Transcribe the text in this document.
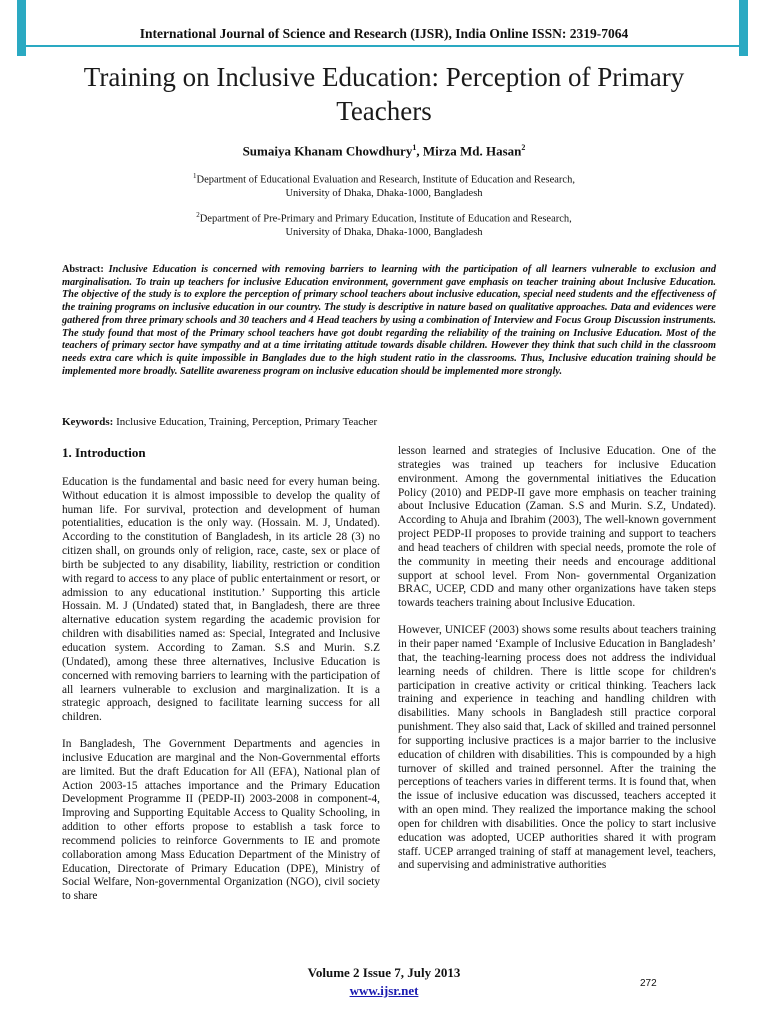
International Journal of Science and Research (IJSR), India Online ISSN: 2319-7064
Training on Inclusive Education: Perception of Primary Teachers
Sumaiya Khanam Chowdhury$^1$, Mirza Md. Hasan$^2$
$^1$Department of Educational Evaluation and Research, Institute of Education and Research,
University of Dhaka, Dhaka-1000, Bangladesh
$^2$Department of Pre-Primary and Primary Education, Institute of Education and Research,
University of Dhaka, Dhaka-1000, Bangladesh
Abstract: Inclusive Education is concerned with removing barriers to learning with the participation of all learners vulnerable to exclusion and marginalisation. To train up teachers for inclusive Education environment, government gave emphasis on teacher training about Inclusive Education. The objective of the study is to explore the perception of primary school teachers about inclusive education, special need students and the effectiveness of the training programs on inclusive education in our country. The study is descriptive in nature based on qualitative approaches. Data and evidences were gathered from three primary schools and 30 teachers and 4 Head teachers by using a combination of Interview and Focus Group Discussion instruments. The study found that most of the Primary school teachers have got doubt regarding the reliability of the training on Inclusive Education. Most of the teachers of primary sector have sympathy and at a time irritating attitude towards disable children. However they think that such child in the classroom needs extra care which is quite impossible in Banglades due to the high student ratio in the classrooms. Thus, Inclusive education training should be implemented more broadly. Satellite awareness program on inclusive education should be implemented more strongly.
Keywords: Inclusive Education, Training, Perception, Primary Teacher
1. Introduction

Education is the fundamental and basic need for every human being. Without education it is almost impossible to develop the quality of human life. For survival, protection and development of human potentialities, education is the only way. (Hossain. M. J, Undated). According to the constitution of Bangladesh, in its article 28 (3) no citizen shall, on grounds only of religion, race, caste, sex or place of birth be subjected to any disability, liability, restriction or condition with regard to access to any place of public entertainment or resort, or admission to any educational institution.’ Supporting this article Hossain. M. J (Undated) stated that, in Bangladesh, there are three alternative education system regarding the academic provision for children with disabilities named as: Special, Integrated and Inclusive education system. According to Zaman. S.S and Murin. S.Z (Undated), among these three alternatives, Inclusive Education is concerned with removing barriers to learning with the participation of all learners vulnerable to exclusion and marginalization. It is a strategic approach, designed to facilitate learning success for all children.

In Bangladesh, The Government Departments and agencies in inclusive Education are marginal and the Non-Governmental efforts are limited. But the draft Education for All (EFA), National plan of Action 2003-15 attaches importance and the Primary Education Development Programme II (PEDP-II) 2003-2008 in component-4, Improving and Supporting Equitable Access to Quality Schooling, in addition to other efforts propose to establish a task force to recommend policies to reinforce Governments to IE and promote collaboration among Mass Education Department of the Ministry of Education, Directorate of Primary Education (DPE), Ministry of Social Welfare, Non-governmental Organization (NGO), civil society to share

lesson learned and strategies of Inclusive Education. One of the strategies was trained up teachers for inclusive Education environment. Among the governmental initiatives the Education Policy (2010) and PEDP-II gave more emphasis on teacher training about Inclusive Education (Zaman. S.S and Murin. S.Z, Undated). According to Ahuja and Ibrahim (2003), The well-known government project PEDP-II proposes to provide training and support to teachers and head teachers of children with special needs, promote the role of the community in meeting their needs and encourage additional support at school level. From Non- governmental Organization BRAC, UCEP, CDD and many other organizations have taken steps towards teachers training about Inclusive Education.

However, UNICEF (2003) shows some results about teachers training in their paper named ‘Example of Inclusive Education in Bangladesh’ that, the teaching-learning process does not address the individual learning needs of children. There is little scope for children's participation in creative activity or critical thinking. Teachers lack training and experience in teaching and handling children with disabilities. Many schools in Bangladesh still practice corporal punishment. They also said that, Lack of skilled and trained personnel for supporting inclusive practices is a major barrier to the inclusive education of children with disabilities. This is compounded by a high turnover of skilled and trained personnel. After the training the perceptions of teachers varies in different terms. It is found that, when the issue of inclusive education was discussed, teachers accepted it with an open mind. They realized the importance making the school open for children with disabilities. Once the policy to start inclusive education was adopted, UCEP authorities shared it with program staff. UCEP arranged training of staff at management level, teachers, and supervising and administrative authorities

Volume 2 Issue 7, July 2013
www.ijsr.net	272
